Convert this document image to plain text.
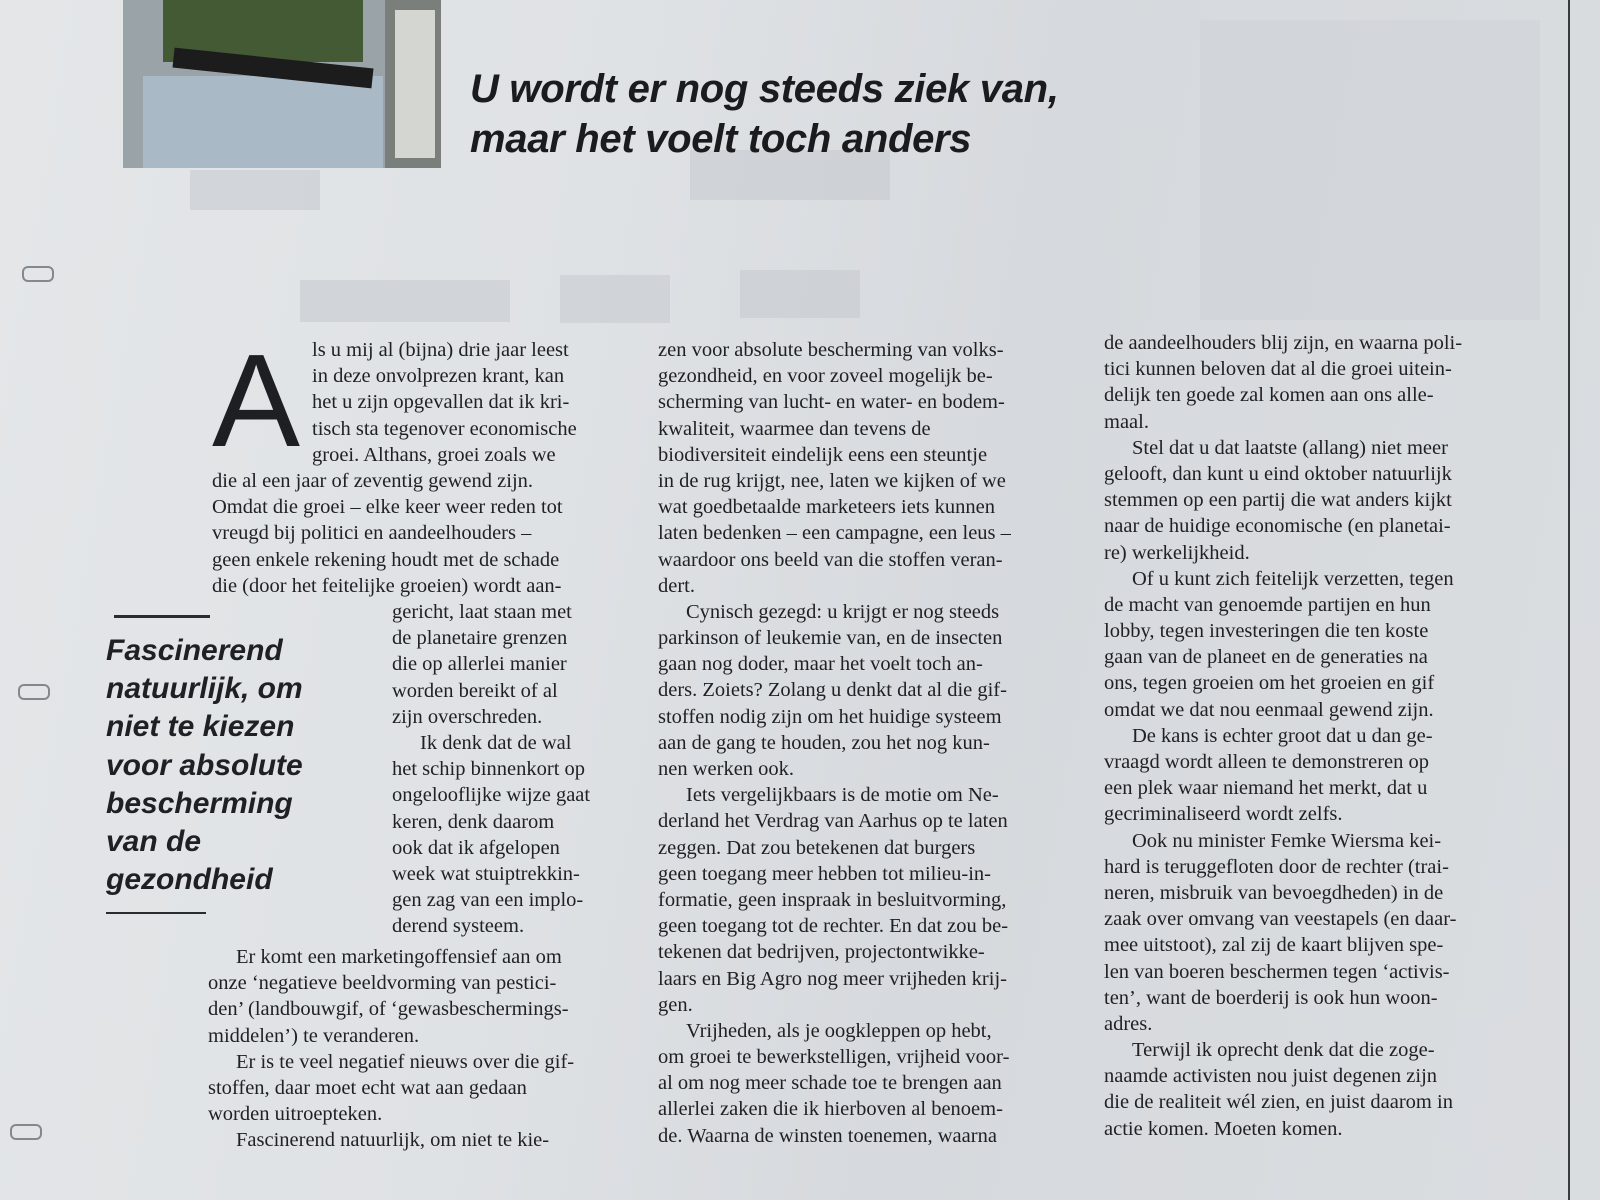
U wordt er nog steeds ziek van,
maar het voelt toch anders
A ls u mij al (bijna) drie jaar leest
in deze onvolprezen krant, kan
het u zijn opgevallen dat ik kri-
tisch sta tegenover economische
groei. Althans, groei zoals we
die al een jaar of zeventig gewend zijn.
Omdat die groei – elke keer weer reden tot
vreugd bij politici en aandeelhouders –
geen enkele rekening houdt met de schade
die (door het feitelijke groeien) wordt aan-
Fascinerend
natuurlijk, om
niet te kiezen
voor absolute
bescherming
van de
gezondheid
gericht, laat staan met
de planetaire grenzen
die op allerlei manier
worden bereikt of al
zijn overschreden.
Ik denk dat de wal
het schip binnenkort op
ongelooflijke wijze gaat
keren, denk daarom
ook dat ik afgelopen
week wat stuiptrekkin-
gen zag van een implo-
derend systeem.
Er komt een marketingoffensief aan om
onze ‘negatieve beeldvorming van pestici-
den’ (landbouwgif, of ‘gewasbeschermings-
middelen’) te veranderen.
Er is te veel negatief nieuws over die gif-
stoffen, daar moet echt wat aan gedaan
worden uitroepteken.
Fascinerend natuurlijk, om niet te kie-
zen voor absolute bescherming van volks-
gezondheid, en voor zoveel mogelijk be-
scherming van lucht- en water- en bodem-
kwaliteit, waarmee dan tevens de
biodiversiteit eindelijk eens een steuntje
in de rug krijgt, nee, laten we kijken of we
wat goedbetaalde marketeers iets kunnen
laten bedenken – een campagne, een leus –
waardoor ons beeld van die stoffen veran-
dert.
Cynisch gezegd: u krijgt er nog steeds
parkinson of leukemie van, en de insecten
gaan nog doder, maar het voelt toch an-
ders. Zoiets? Zolang u denkt dat al die gif-
stoffen nodig zijn om het huidige systeem
aan de gang te houden, zou het nog kun-
nen werken ook.
Iets vergelijkbaars is de motie om Ne-
derland het Verdrag van Aarhus op te laten
zeggen. Dat zou betekenen dat burgers
geen toegang meer hebben tot milieu-in-
formatie, geen inspraak in besluitvorming,
geen toegang tot de rechter. En dat zou be-
tekenen dat bedrijven, projectontwikke-
laars en Big Agro nog meer vrijheden krij-
gen.
Vrijheden, als je oogkleppen op hebt,
om groei te bewerkstelligen, vrijheid voor-
al om nog meer schade toe te brengen aan
allerlei zaken die ik hierboven al benoem-
de. Waarna de winsten toenemen, waarna
de aandeelhouders blij zijn, en waarna poli-
tici kunnen beloven dat al die groei uitein-
delijk ten goede zal komen aan ons alle-
maal.
Stel dat u dat laatste (allang) niet meer
gelooft, dan kunt u eind oktober natuurlijk
stemmen op een partij die wat anders kijkt
naar de huidige economische (en planetai-
re) werkelijkheid.
Of u kunt zich feitelijk verzetten, tegen
de macht van genoemde partijen en hun
lobby, tegen investeringen die ten koste
gaan van de planeet en de generaties na
ons, tegen groeien om het groeien en gif
omdat we dat nou eenmaal gewend zijn.
De kans is echter groot dat u dan ge-
vraagd wordt alleen te demonstreren op
een plek waar niemand het merkt, dat u
gecriminaliseerd wordt zelfs.
Ook nu minister Femke Wiersma kei-
hard is teruggefloten door de rechter (trai-
neren, misbruik van bevoegdheden) in de
zaak over omvang van veestapels (en daar-
mee uitstoot), zal zij de kaart blijven spe-
len van boeren beschermen tegen ‘activis-
ten’, want de boerderij is ook hun woon-
adres.
Terwijl ik oprecht denk dat die zoge-
naamde activisten nou juist degenen zijn
die de realiteit wél zien, en juist daarom in
actie komen. Moeten komen.
